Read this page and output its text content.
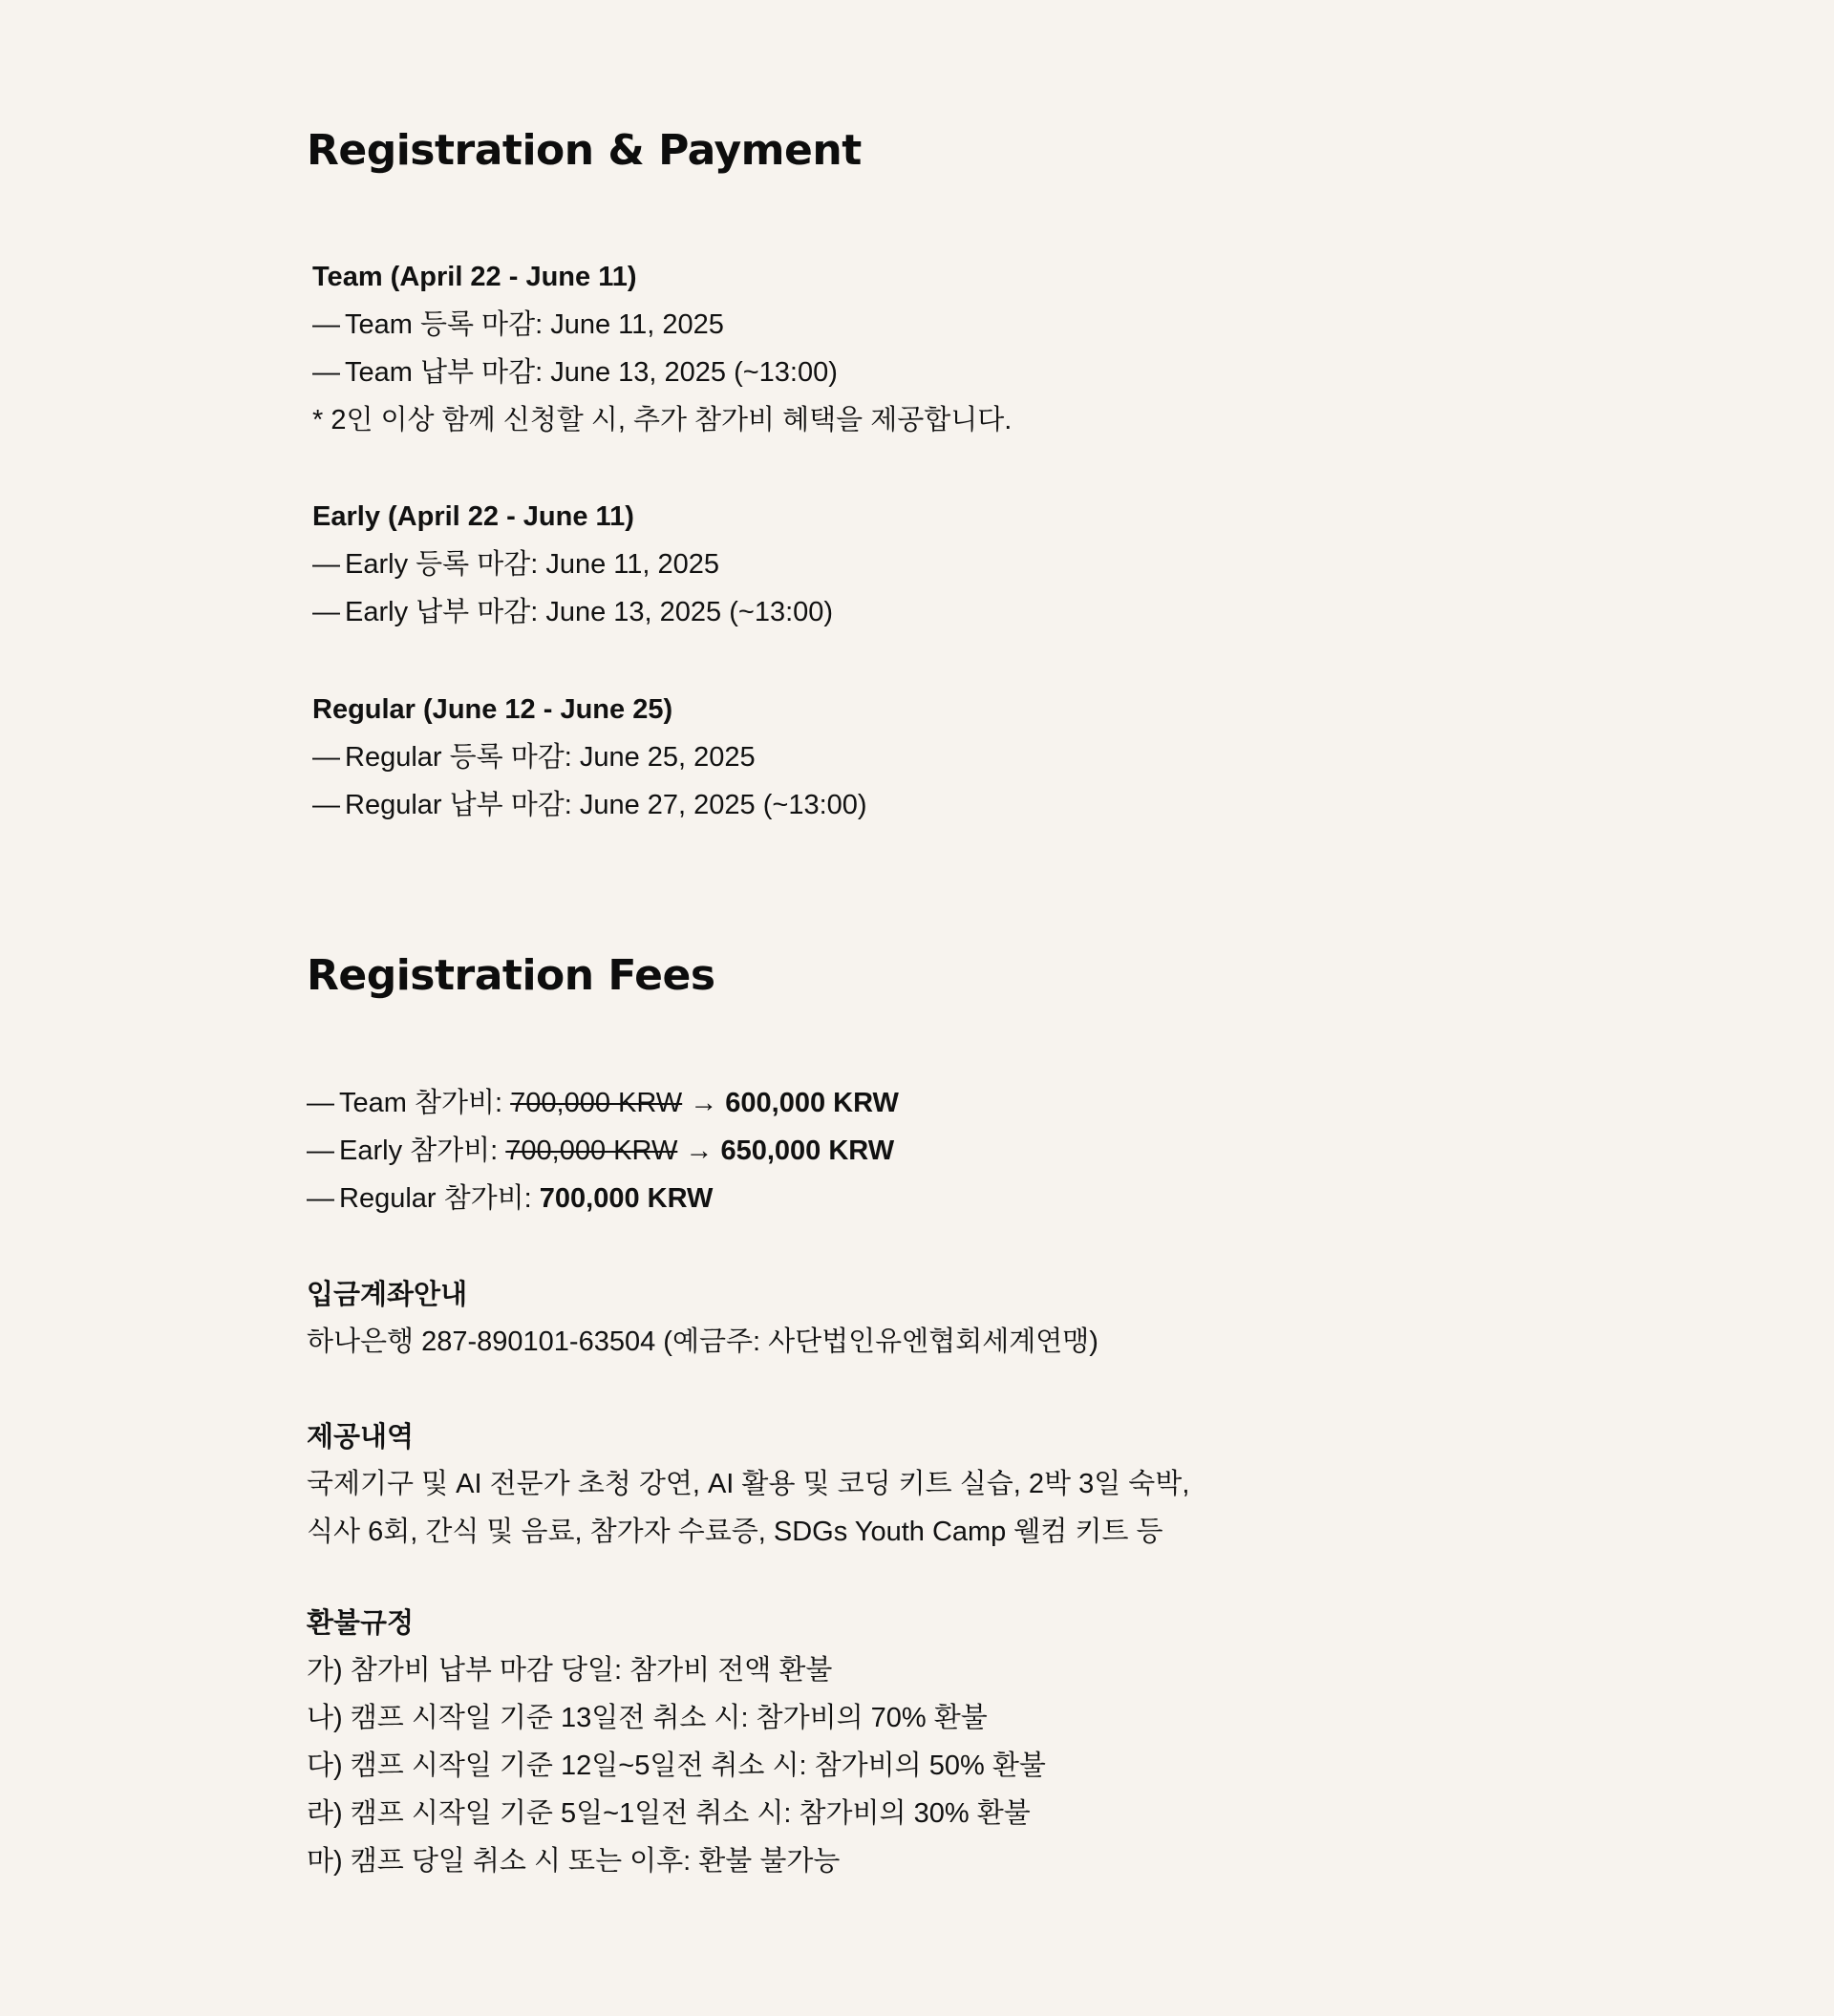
Registration & Payment
Team (April 22 - June 11)
— Team 등록 마감: June 11, 2025
— Team 납부 마감: June 13, 2025 (~13:00)
* 2인 이상 함께 신청할 시, 추가 참가비 혜택을 제공합니다.
Early (April 22 - June 11)
— Early 등록 마감: June 11, 2025
— Early 납부 마감: June 13, 2025 (~13:00)
Regular (June 12 - June 25)
— Regular 등록 마감: June 25, 2025
— Regular 납부 마감: June 27, 2025 (~13:00)
Registration Fees
— Team 참가비: 700,000 KRW → 600,000 KRW
— Early 참가비: 700,000 KRW → 650,000 KRW
— Regular 참가비: 700,000 KRW
입금계좌안내
하나은행 287-890101-63504 (예금주: 사단법인유엔협회세계연맹)
제공내역
국제기구 및 AI 전문가 초청 강연, AI 활용 및 코딩 키트 실습, 2박 3일 숙박,
식사 6회, 간식 및 음료, 참가자 수료증, SDGs Youth Camp 웰컴 키트 등
환불규정
가) 참가비 납부 마감 당일: 참가비 전액 환불
나) 캠프 시작일 기준 13일전 취소 시: 참가비의 70% 환불
다) 캠프 시작일 기준 12일~5일전 취소 시: 참가비의 50% 환불
라) 캠프 시작일 기준 5일~1일전 취소 시: 참가비의 30% 환불
마) 캠프 당일 취소 시 또는 이후: 환불 불가능
